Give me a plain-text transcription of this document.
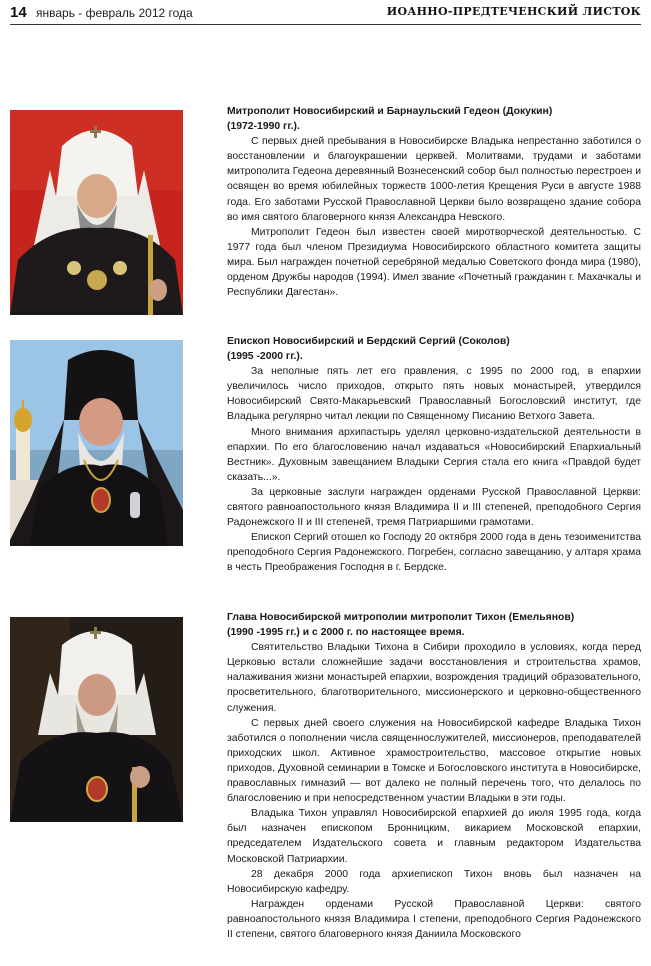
14 январь - февраль 2012 года	ИОАННО-ПРЕДТЕЧЕНСКИЙ ЛИСТОК

Митрополит Новосибирский и Барнаульский Гедеон (Докукин)

(1972-1990 гг.).

С первых дней пребывания в Новосибирске Владыка непрестанно заботился о восстановлении и благоукрашении церквей. Молитвами, трудами и заботами митрополита Гедеона деревянный Вознесенский собор был полностью перестроен и освящен во время юбилейных торжеств 1000-летия Крещения Руси в августе 1988 года. Его заботами Русской Православной Церкви было возвращено здание собора во имя святого благоверного князя Александра Невского.

Митрополит Гедеон был известен своей миротворческой деятельностью. С 1977 года был членом Президиума Новосибирского областного комитета защиты мира. Был награжден почетной серебряной медалью Советского фонда мира (1980), орденом Дружбы народов (1994). Имел звание «Почетный гражданин г. Махачкалы и Республики Дагестан».

Епископ Новосибирский и Бердский Сергий (Соколов)

(1995 -2000 гг.).

За неполные пять лет его правления, с 1995 по 2000 год, в епархии увеличилось число приходов, открыто пять новых монастырей, утвердился Новосибирский Свято-Макарьевский Православный Богословский институт, где Владыка регулярно читал лекции по Священному Писанию Ветхого Завета.

Много внимания архипастырь уделял церковно-издательской деятельности в епархии. По его благословению начал издаваться «Новосибирский Епархиальный Вестник». Духовным завещанием Владыки Сергия стала его книга «Правдой будет сказать...».

За церковные заслуги награжден орденами Русской Православной Церкви: святого равноапостольного князя Владимира II и III степеней, преподобного Сергия Радонежского II и III степеней, тремя Патриаршими грамотами.

Епископ Сергий отошел ко Господу 20 октября 2000 года в день тезоименитства преподобного Сергия Радонежского. Погребен, согласно завещанию, у алтаря храма в честь Преображения Господня в г. Бердске.

Глава Новосибирской митрополии митрополит Тихон (Емельянов)

(1990 -1995 гг.) и с 2000 г. по настоящее время.

Святительство Владыки Тихона в Сибири проходило в условиях, когда перед Церковью встали сложнейшие задачи восстановления и строительства храмов, налаживания жизни монастырей епархии, возрождения традиций образовательного, просветительного, благотворительного, миссионерского и церковно-общественного служения.

С первых дней своего служения на Новосибирской кафедре Владыка Тихон заботился о пополнении числа священнослужителей, миссионеров, преподавателей приходских школ. Активное храмостроительство, массовое открытие новых приходов, Духовной семинарии в Томске и Богословского института в Новосибирске, православных гимназий — вот далеко не полный перечень того, что делалось по благословению и при непосредственном участии Владыки в эти годы.

Владыка Тихон управлял Новосибирской епархией до июля 1995 года, когда был назначен епископом Бронницким, викарием Московской епархии, председателем Издательского совета и главным редактором Издательства Московской Патриархии.

28 декабря 2000 года архиепископ Тихон вновь был назначен на Новосибирскую кафедру.

Награжден орденами Русской Православной Церкви: святого равноапостольного князя Владимира I степени, преподобного Сергия Радонежского II степени, святого благоверного князя Даниила Московского
